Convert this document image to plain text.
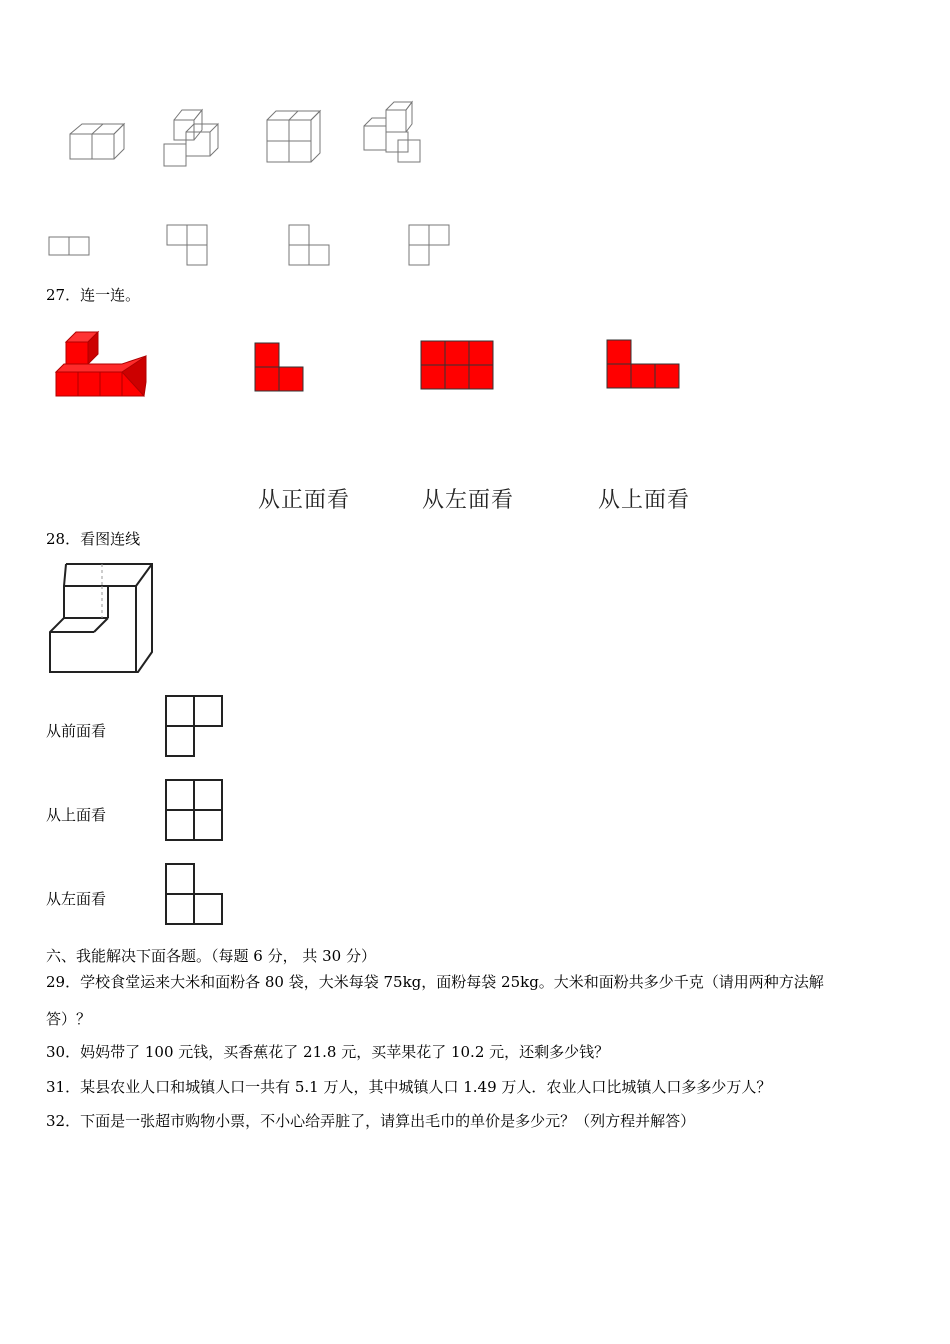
27．连一连。
从正面看	从左面看	从上面看
28．看图连线
从前面看
从上面看
从左面看
六、我能解决下面各题。（每题 6 分， 共 30 分）
29．学校食堂运来大米和面粉各 80 袋，大米每袋 75kg，面粉每袋 25kg。大米和面粉共多少千克（请用两种方法解
答）？
30．妈妈带了 100 元钱，买香蕉花了 21.8 元，买苹果花了 10.2 元，还剩多少钱？
31．某县农业人口和城镇人口一共有 5.1 万人，其中城镇人口 1.49 万人．农业人口比城镇人口多多少万人？
32．下面是一张超市购物小票，不小心给弄脏了，请算出毛巾的单价是多少元？（列方程并解答）
